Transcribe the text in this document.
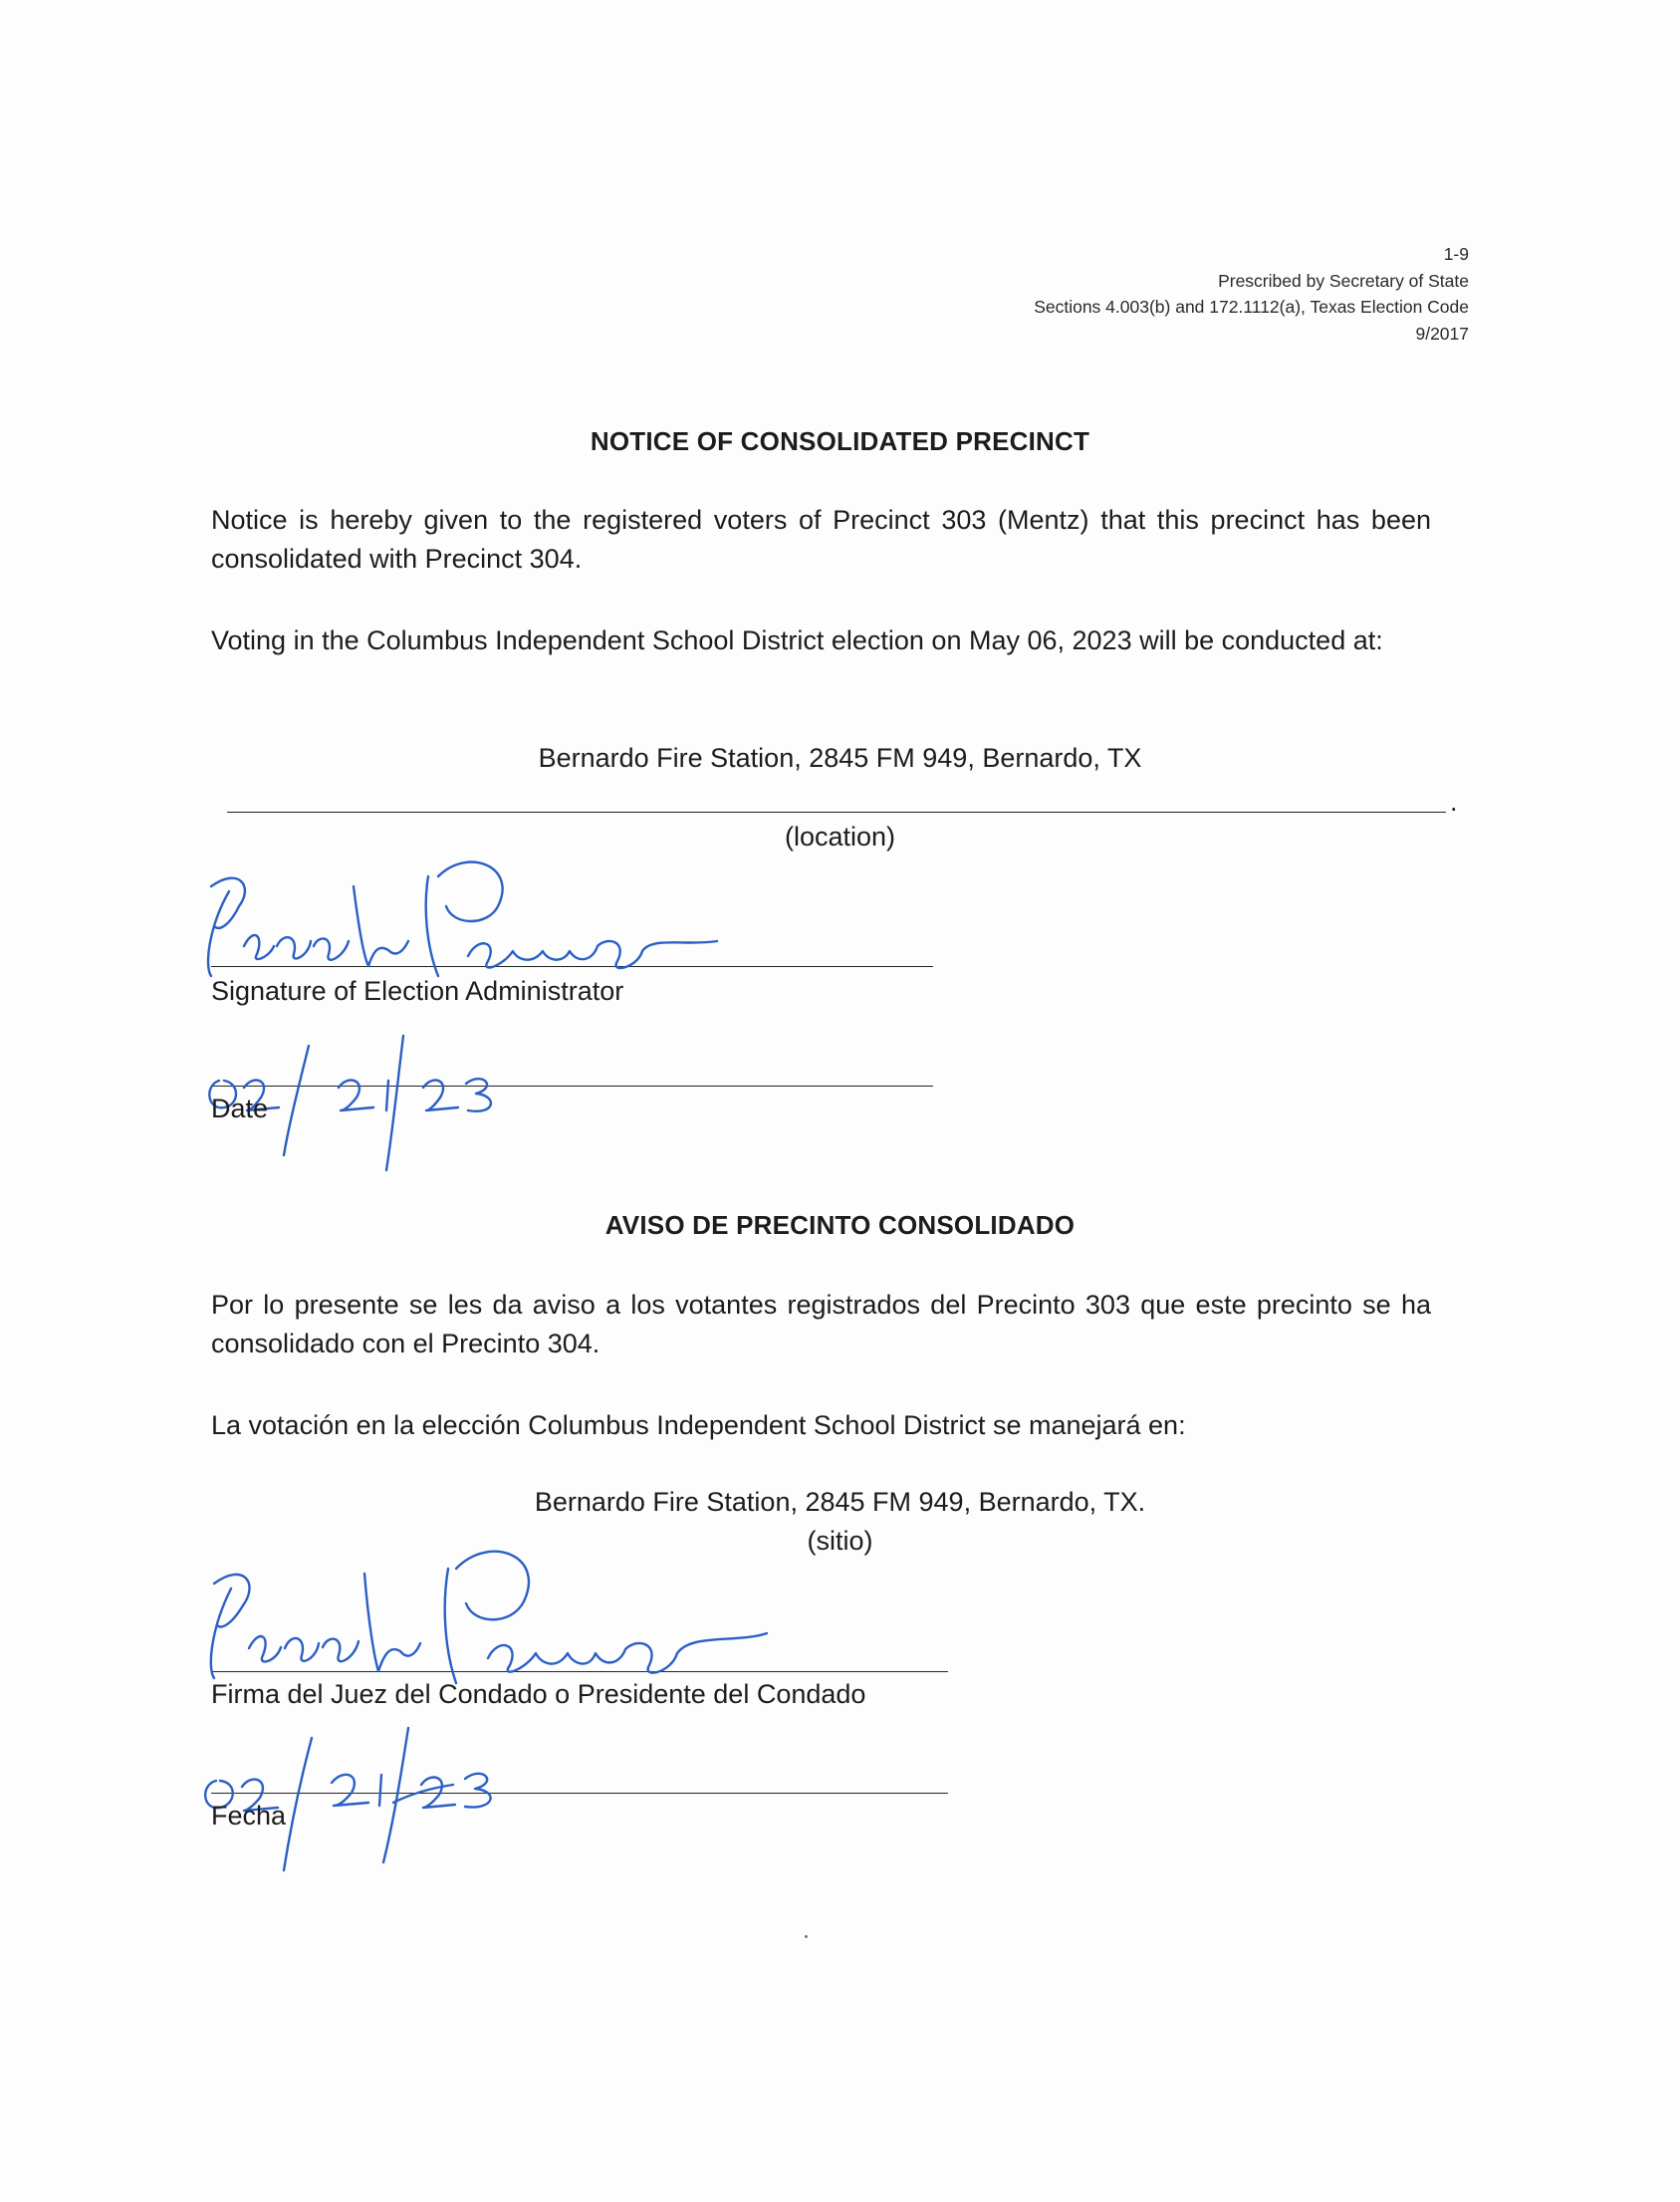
1-9
Prescribed by Secretary of State
Sections 4.003(b) and 172.1112(a), Texas Election Code
9/2017
NOTICE OF CONSOLIDATED PRECINCT
Notice is hereby given to the registered voters of Precinct 303 (Mentz) that this precinct has been consolidated with Precinct 304.
Voting in the Columbus Independent School District election on May 06, 2023 will be conducted at:
Bernardo Fire Station, 2845 FM 949, Bernardo, TX
.
(location)
Signature of Election Administrator
Date
AVISO DE PRECINTO CONSOLIDADO
Por lo presente se les da aviso a los votantes registrados del Precinto 303 que este precinto se ha consolidado con el Precinto 304.
La votación en la elección Columbus Independent School District se manejará en:
Bernardo Fire Station, 2845 FM 949, Bernardo, TX.
(sitio)
Firma del Juez del Condado o Presidente del Condado
Fecha
